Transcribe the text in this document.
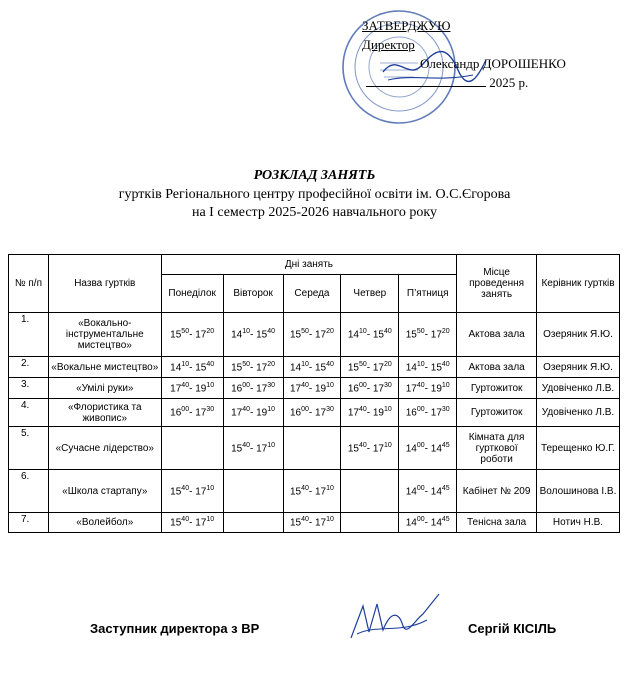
ЗАТВЕРДЖУЮ
Директор
Олександр ДОРОШЕНКО
2025 р.
РОЗКЛАД ЗАНЯТЬ
гуртків Регіонального центру професійної освіти ім. О.С.Єгорова
на І семестр 2025-2026 навчального року
№ п/п	Назва гуртків	Дні занять					Місце проведення занять	Керівник гуртків
		Понеділок	Вівторок	Середа	Четвер	П’ятниця		
1.	«Вокально-інструментальне мистецтво»	$15^{50}-$ $17^{20}$	$14^{10}-$ $15^{40}$	$15^{50}-$ $17^{20}$	$14^{10}-$ $15^{40}$	$15^{50}-$ $17^{20}$	Актова зала	Озеряник Я.Ю.
2.	«Вокальне мистецтво»	$14^{10}-$ $15^{40}$	$15^{50}-$ $17^{20}$	$14^{10}-$ $15^{40}$	$15^{50}-$ $17^{20}$	$14^{10}-$ $15^{40}$	Актова зала	Озеряник Я.Ю.
3.	«Умілі руки»	$17^{40}-$ $19^{10}$	$16^{00}-$ $17^{30}$	$17^{40}-$ $19^{10}$	$16^{00}-$ $17^{30}$	$17^{40}-$ $19^{10}$	Гуртожиток	Удовіченко Л.В.
4.	«Флористика та живопис»	$16^{00}-$ $17^{30}$	$17^{40}-$ $19^{10}$	$16^{00}-$ $17^{30}$	$17^{40}-$ $19^{10}$	$16^{00}-$ $17^{30}$	Гуртожиток	Удовіченко Л.В.
5.	«Сучасне лідерство»		$15^{40}-$ $17^{10}$		$15^{40}-$ $17^{10}$	$14^{00}-$ $14^{45}$	Кімната для гурткової роботи	Терещенко Ю.Г.
6.	«Школа стартапу»	$15^{40}-$ $17^{10}$		$15^{40}-$ $17^{10}$		$14^{00}-$ $14^{45}$	Кабінет № 209	Волошинова І.В.
7.	«Волейбол»	$15^{40}-$ $17^{10}$		$15^{40}-$ $17^{10}$		$14^{00}-$ $14^{45}$	Тенісна зала	Нотич Н.В.
Заступник директора з ВР	Сергій КІСІЛЬ
